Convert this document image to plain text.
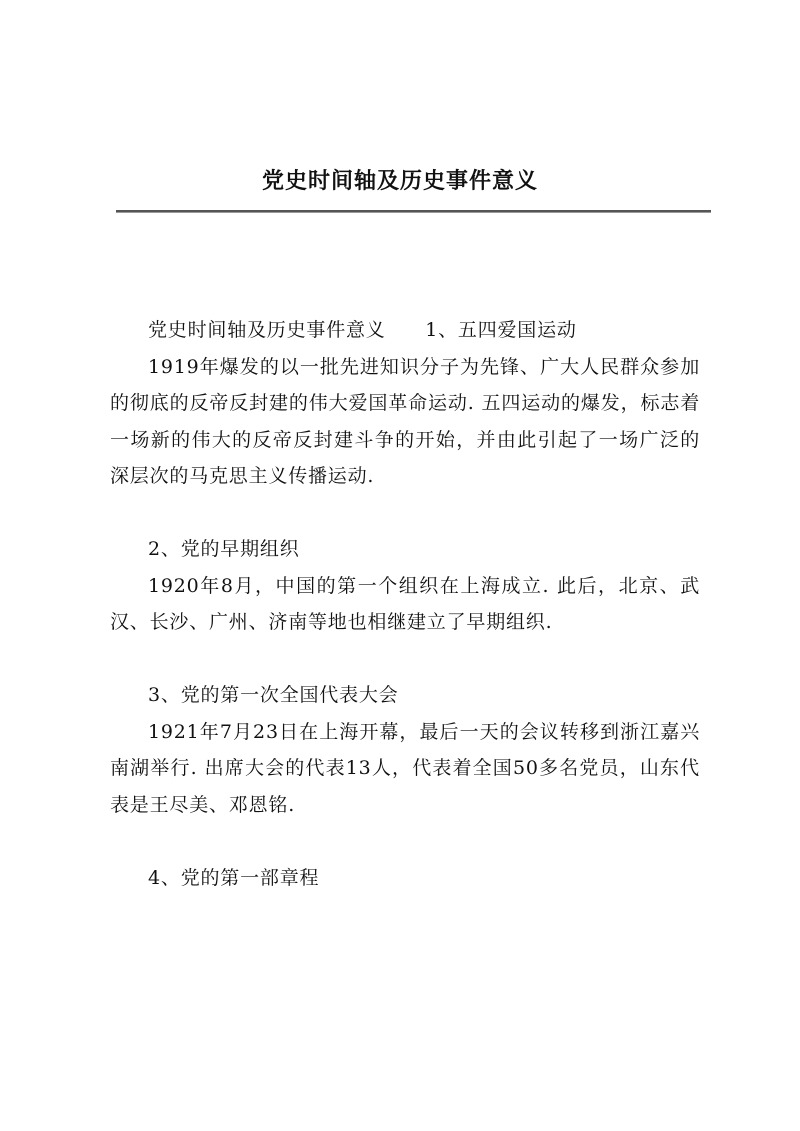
党史时间轴及历史事件意义

党史时间轴及历史事件意义　　1、五四爱国运动

1919年爆发的以一批先进知识分子为先锋、广大人民群众参加的彻底的反帝反封建的伟大爱国革命运动. 五四运动的爆发，标志着一场新的伟大的反帝反封建斗争的开始，并由此引起了一场广泛的深层次的马克思主义传播运动.

2、党的早期组织

1920年8月，中国的第一个组织在上海成立. 此后，北京、武汉、长沙、广州、济南等地也相继建立了早期组织.

3、党的第一次全国代表大会

1921年7月23日在上海开幕，最后一天的会议转移到浙江嘉兴南湖举行. 出席大会的代表13人，代表着全国50多名党员，山东代表是王尽美、邓恩铭.

4、党的第一部章程
